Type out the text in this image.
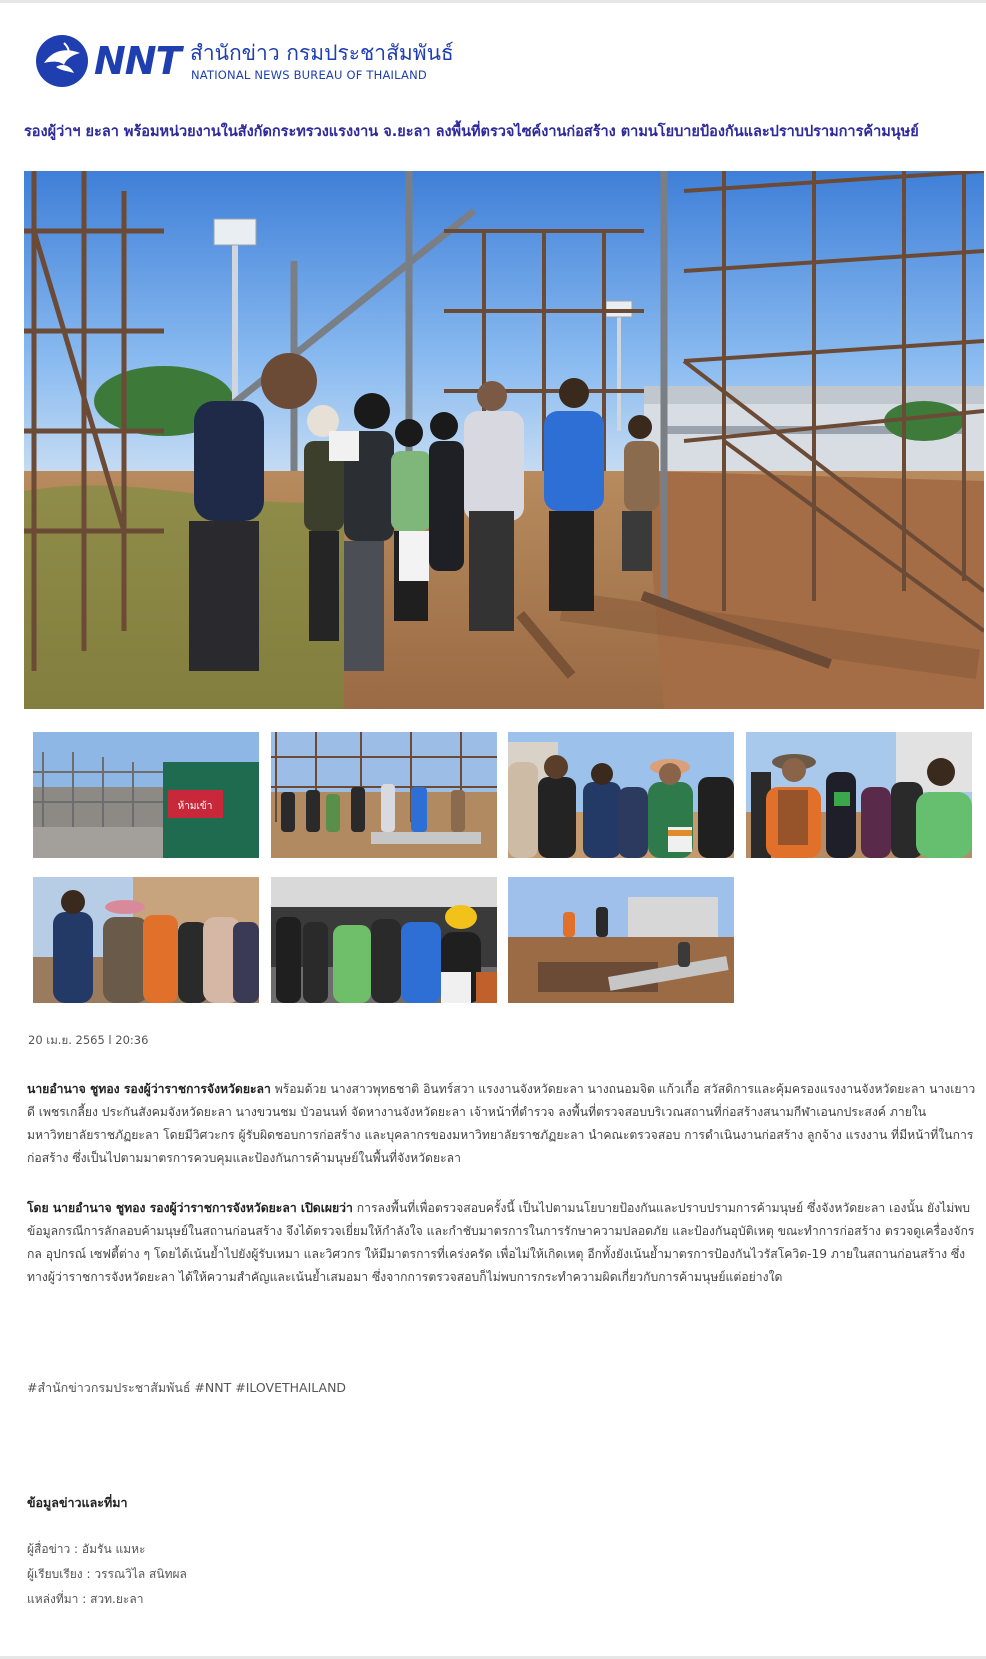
NNT สำนักข่าว กรมประชาสัมพันธ์
NATIONAL NEWS BUREAU OF THAILAND
รองผู้ว่าฯ ยะลา พร้อมหน่วยงานในสังกัดกระทรวงแรงงาน จ.ยะลา ลงพื้นที่ตรวจไซค์งานก่อสร้าง ตามนโยบายป้องกันและปราบปรามการค้ามนุษย์
ห้ามเข้า
20 เม.ย. 2565 l 20:36

นายอำนาจ ชูทอง รองผู้ว่าราชการจังหวัดยะลา พร้อมด้วย นางสาวพุทธชาติ อินทร์สวา แรงงานจังหวัดยะลา นางถนอมจิต แก้วเกื้อ สวัสดิการและคุ้มครองแรงงานจังหวัดยะลา นางเยาวดี เพชรเกลี้ยง ประกันสังคมจังหวัดยะลา นางขวนชม บัวอนนท์ จัดหางานจังหวัดยะลา เจ้าหน้าที่ตำรวจ ลงพื้นที่ตรวจสอบบริเวณสถานที่ก่อสร้างสนามกีฬาเอนกประสงค์ ภายในมหาวิทยาลัยราชภัฏยะลา โดยมีวิศวะกร ผู้รับผิดชอบการก่อสร้าง และบุคลากรของมหาวิทยาลัยราชภัฏยะลา นำคณะตรวจสอบ การดำเนินงานก่อสร้าง ลูกจ้าง แรงงาน ที่มีหน้าที่ในการก่อสร้าง ซึ่งเป็นไปตามมาตรการควบคุมและป้องกันการค้ามนุษย์ในพื้นที่จังหวัดยะลา

โดย นายอำนาจ ชูทอง รองผู้ว่าราชการจังหวัดยะลา เปิดเผยว่า การลงพื้นที่เพื่อตรวจสอบครั้งนี้ เป็นไปตามนโยบายป้องกันและปราบปรามการค้ามนุษย์ ซึ่งจังหวัดยะลา เองนั้น ยังไม่พบข้อมูลกรณีการลักลอบค้ามนุษย์ในสถานก่อนสร้าง จึงได้ตรวจเยี่ยมให้กำลังใจ และกำชับมาตรการในการรักษาความปลอดภัย และป้องกันอุบัติเหตุ ขณะทำการก่อสร้าง ตรวจดูเครื่องจักรกล อุปกรณ์ เซฟตี้ต่าง ๆ โดยได้เน้นย้ำไปยังผู้รับเหมา และวิศวกร ให้มีมาตรการที่เคร่งครัด เพื่อไม่ให้เกิดเหตุ อีกทั้งยังเน้นย้ำมาตรการป้องกันไวรัสโควิด-19 ภายในสถานก่อนสร้าง ซึ่งทางผู้ว่าราชการจังหวัดยะลา ได้ให้ความสำคัญและเน้นย้ำเสมอมา ซึ่งจากการตรวจสอบก็ไม่พบการกระทำความผิดเกี่ยวกับการค้ามนุษย์แต่อย่างใด

#สำนักข่าวกรมประชาสัมพันธ์ #NNT #ILOVETHAILAND
ข้อมูลข่าวและที่มา
ผู้สื่อข่าว : อัมรัน แมหะ
ผู้เรียบเรียง : วรรณวิไล สนิทผล
แหล่งที่มา : สวท.ยะลา
